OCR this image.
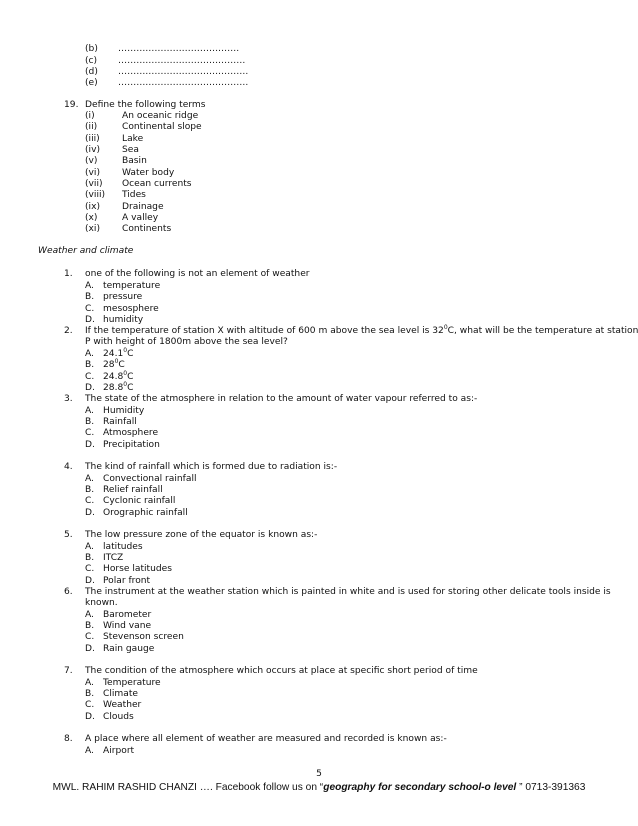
(b) ………………………………….
(c) ……………………………………
(d) …………………………………….
(e) …………………………………….
19. Define the following terms
(i)	An oceanic ridge
(ii)	Continental slope
(iii) Lake
(iv) Sea
(v)	Basin
(vi) Water body
(vii) Ocean currents
(viii) Tides
(ix) Drainage
(x)	A valley
(xi) Continents
Weather and climate
1. one of the following is not an element of weather
A. temperature
B. pressure
C. mesosphere
D. humidity
2. If the temperature of station X with altitude of 600 m above the sea level is $32^0C$, what will be the temperature at station
P with height of 1800m above the sea level?
A. 24.1$^0$C
B. $28^0C$
C. 24.8$^0$C
D. 28.8$^0$C
3. The state of the atmosphere in relation to the amount of water vapour referred to as:-
A. Humidity
B. Rainfall
C. Atmosphere
D. Precipitation
4. The kind of rainfall which is formed due to radiation is:-
A. Convectional rainfall
B. Relief rainfall
C. Cyclonic rainfall
D. Orographic rainfall
5. The low pressure zone of the equator is known as:-
A. latitudes
B. ITCZ
C. Horse latitudes
D. Polar front
6. The instrument at the weather station which is painted in white and is used for storing other delicate tools inside is
known.
A. Barometer
B. Wind vane
C. Stevenson screen
D. Rain gauge
7. The condition of the atmosphere which occurs at place at specific short period of time
A. Temperature
B. Climate
C. Weather
D. Clouds
8. A place where all element of weather are measured and recorded is known as:-
A. Airport
5
MWL. RAHIM RASHID CHANZI …. Facebook follow us on “geography for secondary school-o level ” 0713-391363
